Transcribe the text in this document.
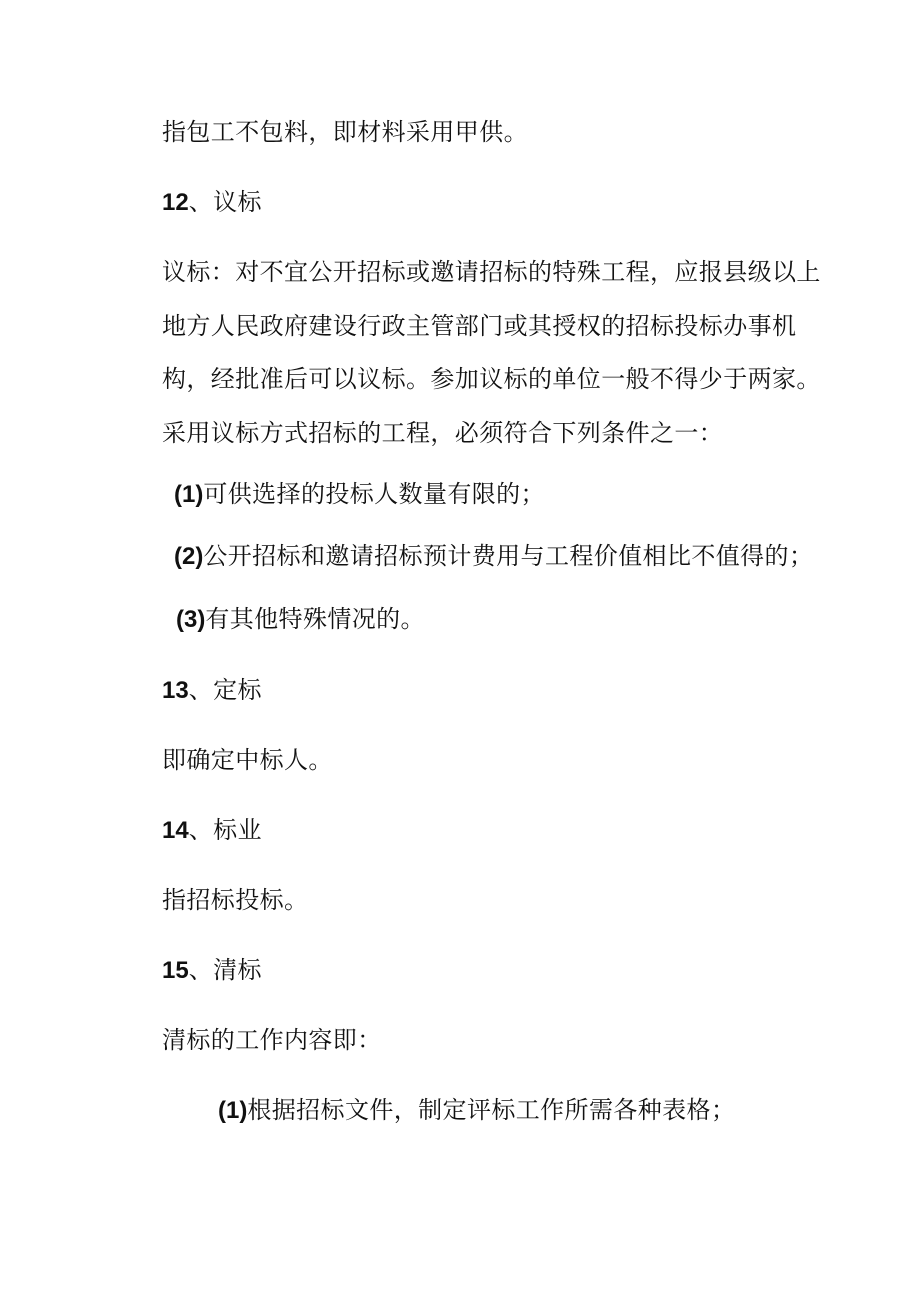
指包工不包料，即材料采用甲供。
12、议标
议标：对不宜公开招标或邀请招标的特殊工程，应报县级以上
地方人民政府建设行政主管部门或其授权的招标投标办事机
构，经批准后可以议标。参加议标的单位一般不得少于两家。
采用议标方式招标的工程，必须符合下列条件之一：
(1)可供选择的投标人数量有限的；
(2)公开招标和邀请招标预计费用与工程价值相比不值得的；
(3)有其他特殊情况的。
13、定标
即确定中标人。
14、标业
指招标投标。
15、清标
清标的工作内容即：
(1)根据招标文件，制定评标工作所需各种表格；
